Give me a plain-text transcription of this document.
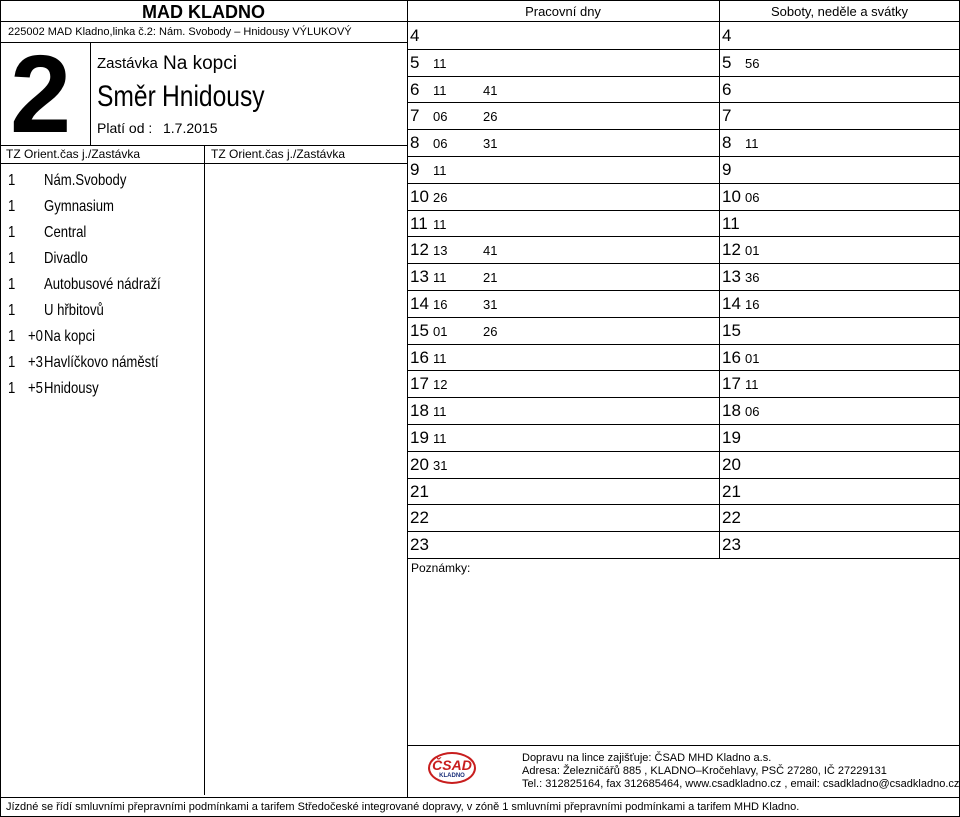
MAD KLADNO
225002 MAD Kladno,linka č.2: Nám. Svobody – Hnidousy VÝLUKOVÝ
2 Zastávka Na kopci
Směr Hnidousy
Platí od : 1.7.2015
TZ Orient.čas j./Zastávka	TZ Orient.čas j./Zastávka
1 Nám.Svobody
1 Gymnasium
1 Central
1 Divadlo
1 Autobusové nádraží
1 U hřbitovů
1 +0 Na kopci
1 +3 Havlíčkovo náměstí
1 +5 Hnidousy
Pracovní dny	Soboty, neděle a svátky
4	4
5 11	5 56
6 11	41	6
7 06	26	7
8 06	31	8 11
9 11	9
10 26	10 06
11 11	11
12 13	41	12 01
13 11	21	13 36
14 16	31	14 16
15 01	26	15
16 11	16 01
17 12	17 11
18 11	18 06
19 11	19
20 31	20
21	21
22	22
23	23
Poznámky:
ČSAD
KLADNO
Dopravu na lince zajišťuje: ČSAD MHD Kladno a.s.
Adresa: Železničářů 885 , KLADNO–Kročehlavy, PSČ 27280, IČ 27229131
Tel.: 312825164, fax 312685464, www.csadkladno.cz , email: csadkladno@csadkladno.cz
Jízdné se řídí smluvními přepravními podmínkami a tarifem Středočeské integrované dopravy, v zóně 1 smluvními přepravními podmínkami a tarifem MHD Kladno.
